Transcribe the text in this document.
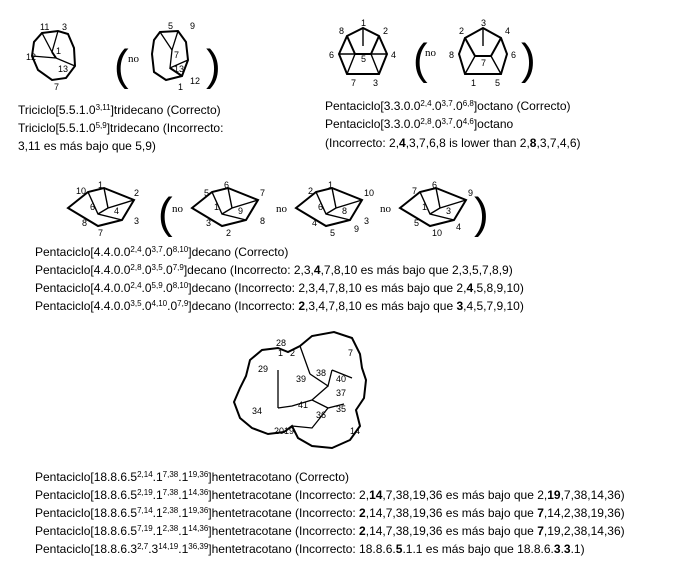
( )
no
11 3
1
12
13
7
5 9
7
13
1
12
Triciclo[5.5.1.0$^{3,11}$]tridecano (Correcto)
Triciclo[5.5.1.0$^{5,9}$]tridecano (Incorrecto:
3,11 es más bajo que 5,9)
( )
no
1
8	2
6	5	4
7 3
3
2	4
8	6
7
1 5
Pentaciclo[3.3.0.0$^{2,4}$.0$^{3,7}$.0$^{6,8}$]octano (Correcto)
Pentaciclo[3.3.0.0$^{2,8}$.0$^{3,7}$.0$^{4,6}$]octano
(Incorrecto: 2,4,3,7,6,8 is lower than 2,8,3,7,4,6)
( no	no	no )
10
1
2
6 4
8
7
3
5
6
7
1 9
3	8
2
2
1
10
3
6 8
4
5 9
7
6
1
5
9
3
4
10
Pentaciclo[4.4.0.0$^{2,4}$.0$^{3,7}$.0$^{8,10}$]decano (Correcto)
Pentaciclo[4.4.0.0$^{2,8}$.0$^{3,5}$.0$^{7,9}$]decano (Incorrecto: 2,3,4,7,8,10 es más bajo que 2,3,5,7,8,9)
Pentaciclo[4.4.0.0$^{2,4}$.0$^{5,9}$.0$^{8,10}$]decano (Incorrecto: 2,3,4,7,8,10 es más bajo que 2,4,5,8,9,10)
Pentaciclo[4.4.0.0$^{3,5}$.0$^{4,10}$.0$^{7,9}$]decano (Incorrecto: 2,3,4,7,8,10 es más bajo que 3,4,5,7,9,10)
28
1 2	7
29
39
38
40
37
34
41	35
36
20 19	14
Pentaciclo[18.8.6.5$^{2,14}$.1$^{7,38}$.1$^{19,36}$]hentetracotano (Correcto)
Pentaciclo[18.8.6.5$^{2,19}$.1$^{7,38}$.1$^{14,36}$]hentetracotane (Incorrecto: 2,14,7,38,19,36 es más bajo que 2,19,7,38,14,36)
Pentaciclo[18.8.6.5$^{7,14}$.1$^{2,38}$.1$^{19,36}$]hentetracotane (Incorrecto: 2,14,7,38,19,36 es más bajo que 7,14,2,38,19,36)
Pentaciclo[18.8.6.5$^{7,19}$.1$^{2,38}$.1$^{14,36}$]hentetracotane (Incorrecto: 2,14,7,38,19,36 es más bajo que 7,19,2,38,14,36)
Pentaciclo[18.8.6.3$^{2,7}$.3$^{14,19}$.1$^{36,39}$]hentetracotano (Incorrecto: 18.8.6.5.1.1 es más bajo que 18.8.6.3.3.1)
